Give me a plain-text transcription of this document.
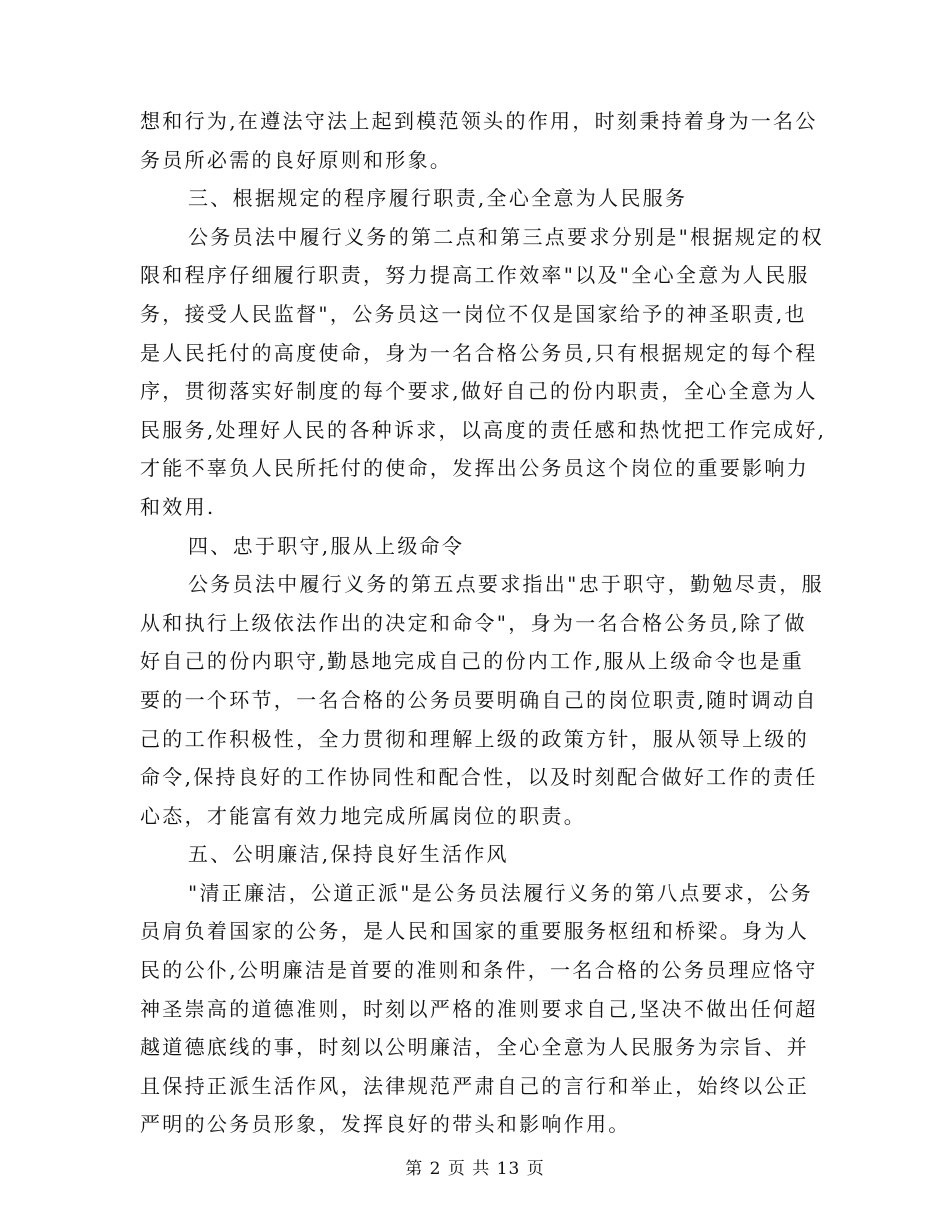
想和行为,在遵法守法上起到模范领头的作用，时刻秉持着身为一名公
务员所必需的良好原则和形象。
三、根据规定的程序履行职责,全心全意为人民服务
公务员法中履行义务的第二点和第三点要求分别是"根据规定的权
限和程序仔细履行职责，努力提高工作效率"以及"全心全意为人民服
务，接受人民监督"，公务员这一岗位不仅是国家给予的神圣职责,也
是人民托付的高度使命，身为一名合格公务员,只有根据规定的每个程
序，贯彻落实好制度的每个要求,做好自己的份内职责，全心全意为人
民服务,处理好人民的各种诉求，以高度的责任感和热忱把工作完成好,
才能不辜负人民所托付的使命，发挥出公务员这个岗位的重要影响力
和效用.
四、忠于职守,服从上级命令
公务员法中履行义务的第五点要求指出"忠于职守，勤勉尽责，服
从和执行上级依法作出的决定和命令"，身为一名合格公务员,除了做
好自己的份内职守,勤恳地完成自己的份内工作,服从上级命令也是重
要的一个环节，一名合格的公务员要明确自己的岗位职责,随时调动自
己的工作积极性，全力贯彻和理解上级的政策方针，服从领导上级的
命令,保持良好的工作协同性和配合性，以及时刻配合做好工作的责任
心态，才能富有效力地完成所属岗位的职责。
五、公明廉洁,保持良好生活作风
"清正廉洁，公道正派"是公务员法履行义务的第八点要求，公务
员肩负着国家的公务，是人民和国家的重要服务枢纽和桥梁。身为人
民的公仆,公明廉洁是首要的准则和条件，一名合格的公务员理应恪守
神圣崇高的道德准则，时刻以严格的准则要求自己,坚决不做出任何超
越道德底线的事，时刻以公明廉洁，全心全意为人民服务为宗旨、并
且保持正派生活作风，法律规范严肃自己的言行和举止，始终以公正
严明的公务员形象，发挥良好的带头和影响作用。
第 2 页 共 13 页
